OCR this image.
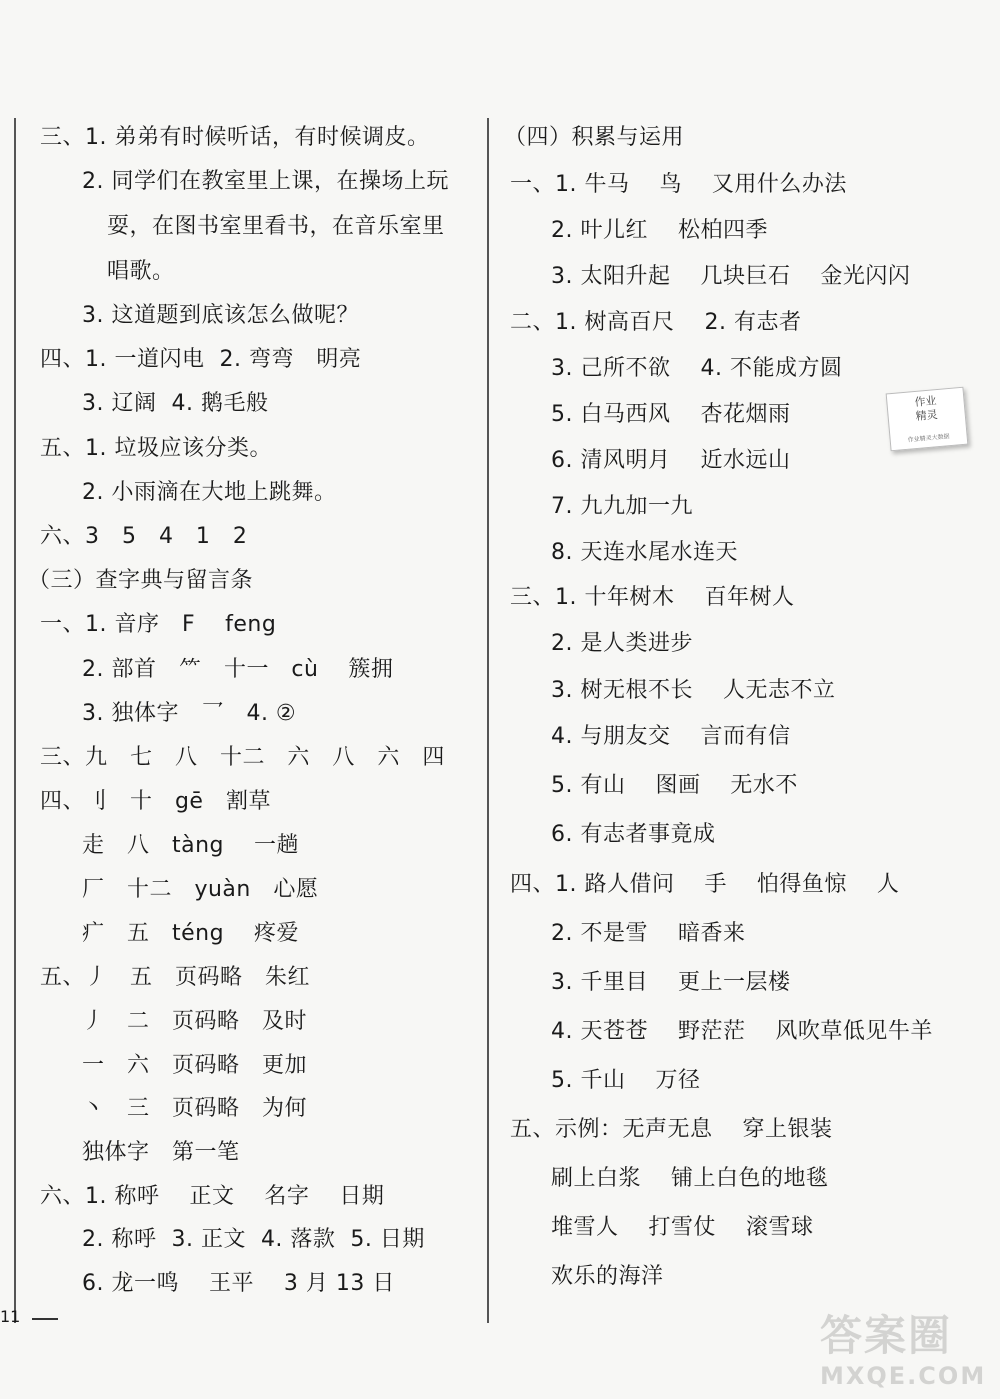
三、1. 弟弟有时候听话，有时候调皮。
2. 同学们在教室里上课，在操场上玩
耍，在图书室里看书，在音乐室里
唱歌。
3. 这道题到底该怎么做呢？
四、1. 一道闪电  2. 弯弯   明亮
3. 辽阔  4. 鹅毛般
五、1. 垃圾应该分类。
2. 小雨滴在大地上跳舞。
六、3   5   4   1   2
（三）查字典与留言条
一、1. 音序   F    feng
2. 部首   ⺮   十一   cù    簇拥
3. 独体字   乛   4. ②
三、九   七   八   十二   六   八   六   四
四、刂   十   gē   割草
走   八   tàng    一趟
厂   十二   yuàn   心愿
疒   五   téng    疼爱
五、丿   五   页码略   朱红
丿   二   页码略   及时
一   六   页码略   更加
丶   三   页码略   为何
独体字   第一笔
六、1. 称呼    正文    名字    日期
2. 称呼  3. 正文  4. 落款  5. 日期
6. 龙一鸣    王平    3 月 13 日
作业
精灵
作业精灵大数据
11	答案圈
MXQE.COM
（四）积累与运用
一、1. 牛马    鸟    又用什么办法
2. 叶儿红    松柏四季
3. 太阳升起    几块巨石    金光闪闪
二、1. 树高百尺    2. 有志者
3. 己所不欲    4. 不能成方圆
5. 白马西风    杏花烟雨
6. 清风明月    近水远山
7. 九九加一九
8. 天连水尾水连天
三、1. 十年树木    百年树人
2. 是人类进步
3. 树无根不长    人无志不立
4. 与朋友交    言而有信
5. 有山    图画    无水不
6. 有志者事竟成
四、1. 路人借问    手    怕得鱼惊    人
2. 不是雪    暗香来
3. 千里目    更上一层楼
4. 天苍苍    野茫茫    风吹草低见牛羊
5. 千山    万径
五、示例：无声无息    穿上银装
刷上白浆    铺上白色的地毯
堆雪人    打雪仗    滚雪球
欢乐的海洋
